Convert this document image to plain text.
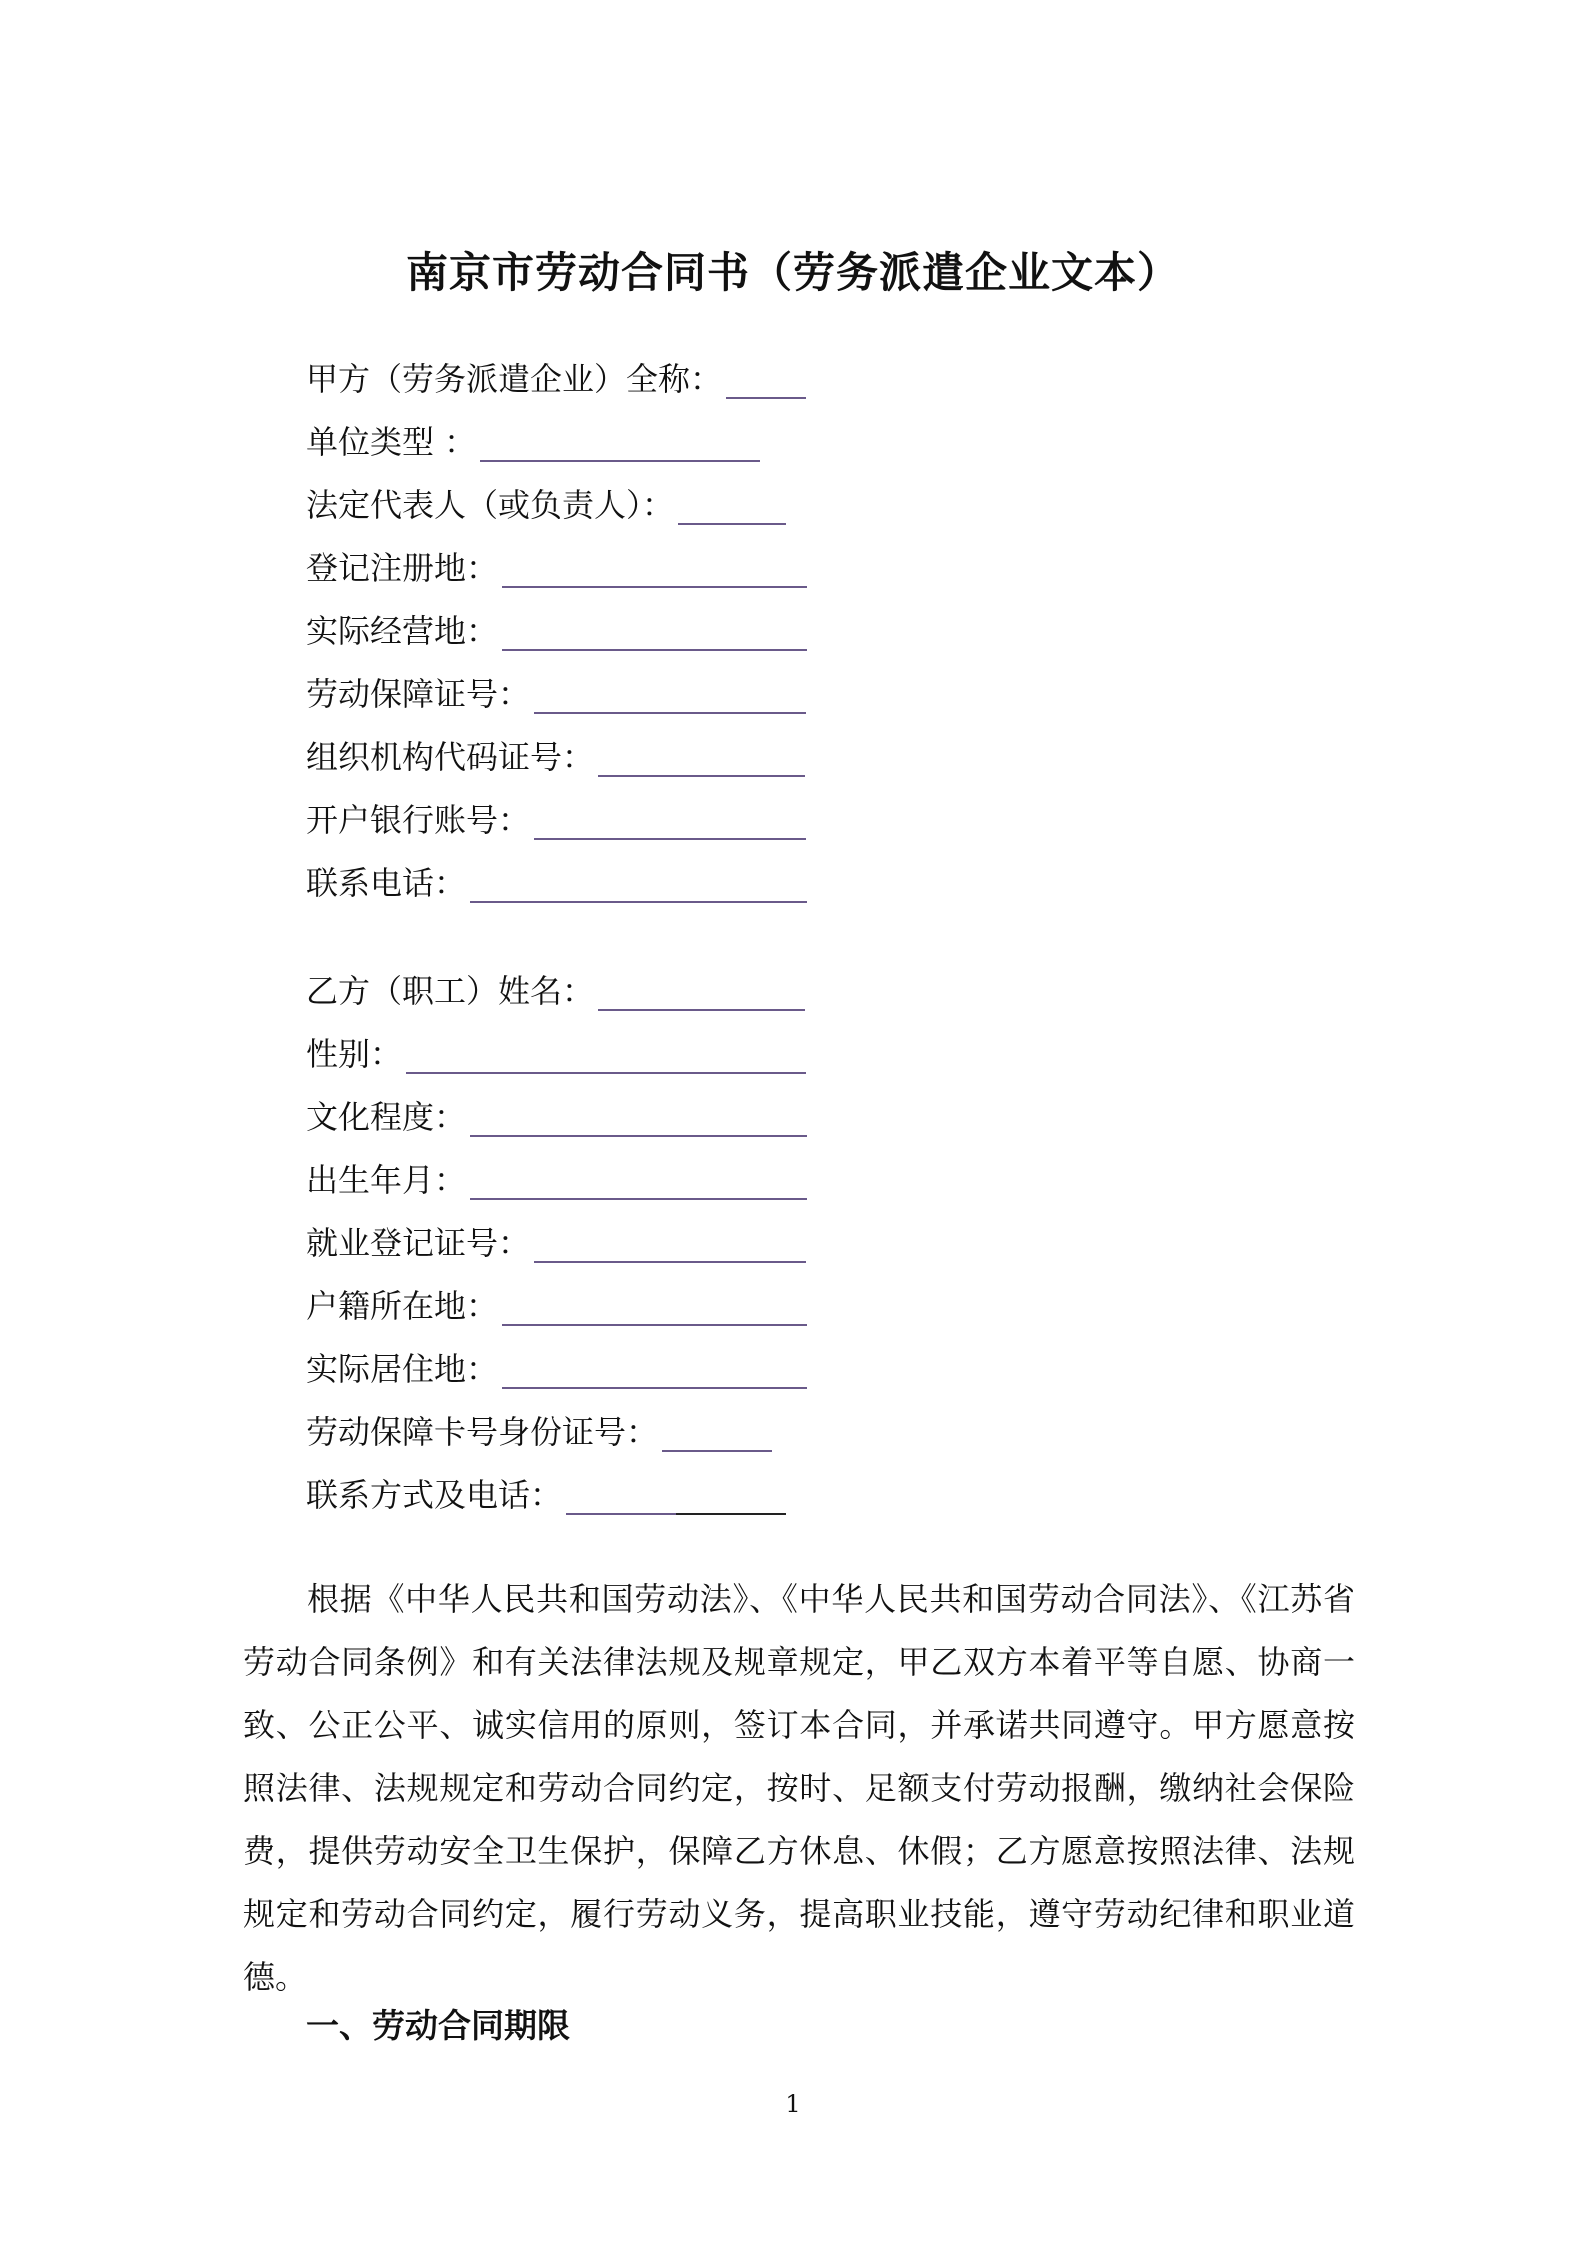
南京市劳动合同书（劳务派遣企业文本）
甲方（劳务派遣企业）全称：
单位类型 ：
法定代表人（或负责人）：
登记注册地：
实际经营地：
劳动保障证号：
组织机构代码证号：
开户银行账号：
联系电话：
乙方（职工）姓名：
性别：
文化程度：
出生年月：
就业登记证号：
户籍所在地：
实际居住地：
劳动保障卡号身份证号：
联系方式及电话：
根据《中华人民共和国劳动法》、《中华人民共和国劳动合同法》、《江苏省劳动合同条例》和有关法律法规及规章规定，甲乙双方本着平等自愿、协商一致、公正公平、诚实信用的原则，签订本合同，并承诺共同遵守。甲方愿意按照法律、法规规定和劳动合同约定，按时、足额支付劳动报酬，缴纳社会保险费，提供劳动安全卫生保护，保障乙方休息、休假；乙方愿意按照法律、法规规定和劳动合同约定，履行劳动义务，提高职业技能，遵守劳动纪律和职业道德。
一、劳动合同期限
1
